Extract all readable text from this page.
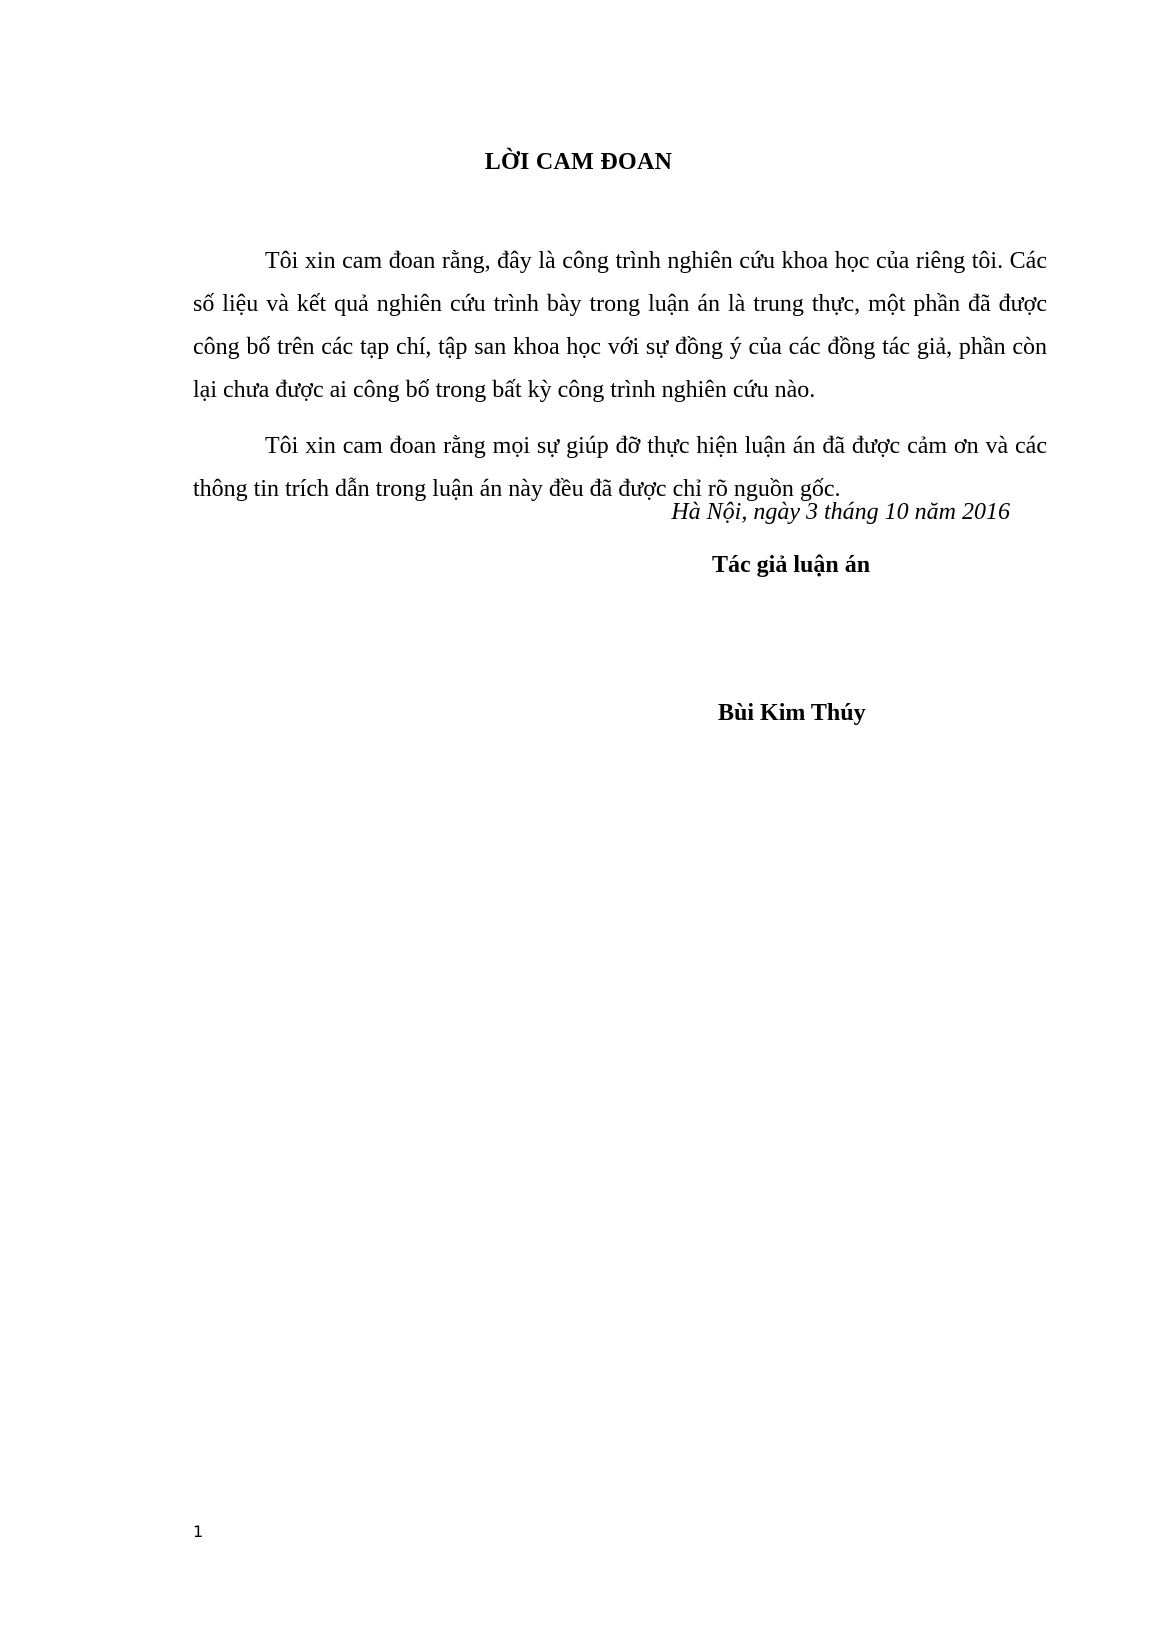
LỜI CAM ĐOAN

Tôi xin cam đoan rằng, đây là công trình nghiên cứu khoa học của riêng tôi. Các số liệu và kết quả nghiên cứu trình bày trong luận án là trung thực, một phần đã được công bố trên các tạp chí, tập san khoa học với sự đồng ý của các đồng tác giả, phần còn lại chưa được ai công bố trong bất kỳ công trình nghiên cứu nào.

Tôi xin cam đoan rằng mọi sự giúp đỡ thực hiện luận án đã được cảm ơn và các thông tin trích dẫn trong luận án này đều đã được chỉ rõ nguồn gốc.

Hà Nội, ngày 3 tháng 10 năm 2016
Tác giả luận án
Bùi Kim Thúy
1
